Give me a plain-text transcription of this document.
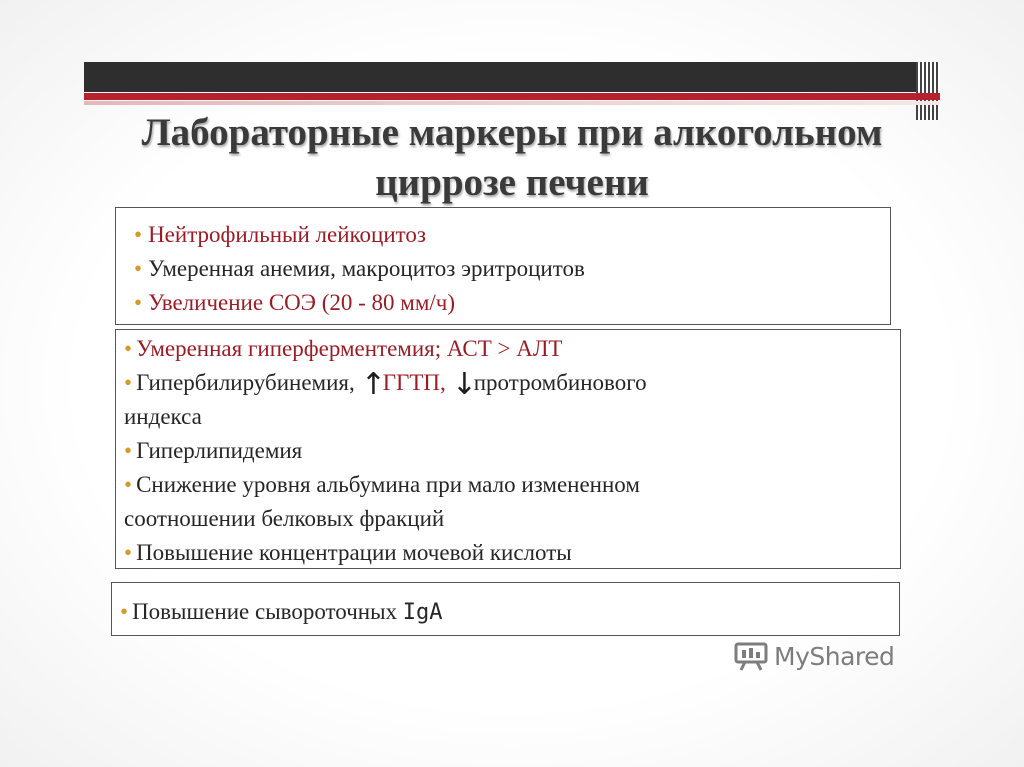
Лабораторные маркеры при алкогольном
циррозе печени
• Нейтрофильный лейкоцитоз
• Умеренная анемия, макроцитоз эритроцитов
• Увеличение СОЭ (20 - 80 мм/ч)
• Умеренная гиперферментемия; АСТ > АЛТ
• Гипербилирубинемия, ↑ГГТП, ↓протромбинового
индекса
• Гиперлипидемия
• Снижение уровня альбумина при мало измененном
соотношении белковых фракций
• Повышение концентрации мочевой кислоты
• Повышение сывороточных IgA
MyShared
